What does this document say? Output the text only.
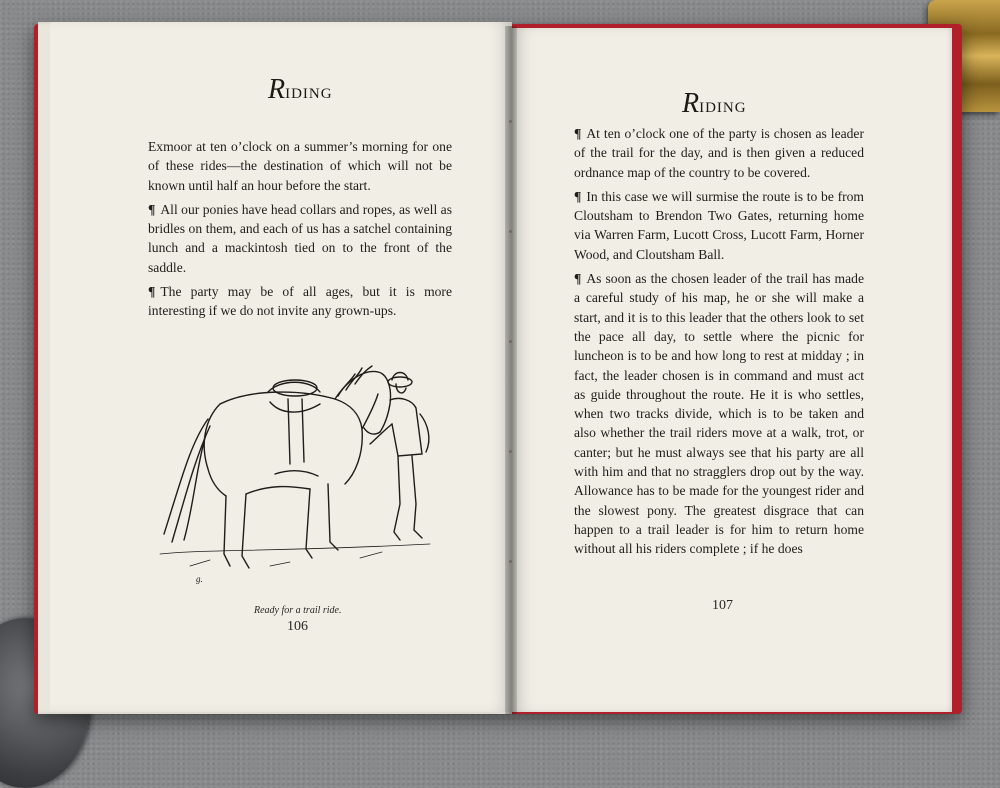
RIDING

Exmoor at ten o’clock on a summer’s morning for one of these rides—the destination of which will not be known until half an hour before the start.

¶ All our ponies have head collars and ropes, as well as bridles on them, and each of us has a satchel containing lunch and a mackintosh tied on to the front of the saddle.

¶ The party may be of all ages, but it is more interesting if we do not invite any grown-ups.

g.
Ready for a trail ride.
106
RIDING

¶ At ten o’clock one of the party is chosen as leader of the trail for the day, and is then given a reduced ordnance map of the country to be covered.

¶ In this case we will surmise the route is to be from Cloutsham to Brendon Two Gates, returning home via Warren Farm, Lucott Cross, Lucott Farm, Horner Wood, and Cloutsham Ball.

¶ As soon as the chosen leader of the trail has made a careful study of his map, he or she will make a start, and it is to this leader that the others look to set the pace all day, to settle where the picnic for luncheon is to be and how long to rest at midday ; in fact, the leader chosen is in command and must act as guide throughout the route. He it is who settles, when two tracks divide, which is to be taken and also whether the trail riders move at a walk, trot, or canter; but he must always see that his party are all with him and that no stragglers drop out by the way. Allowance has to be made for the youngest rider and the slowest pony. The greatest disgrace that can happen to a trail leader is for him to return home without all his riders complete ; if he does

107
